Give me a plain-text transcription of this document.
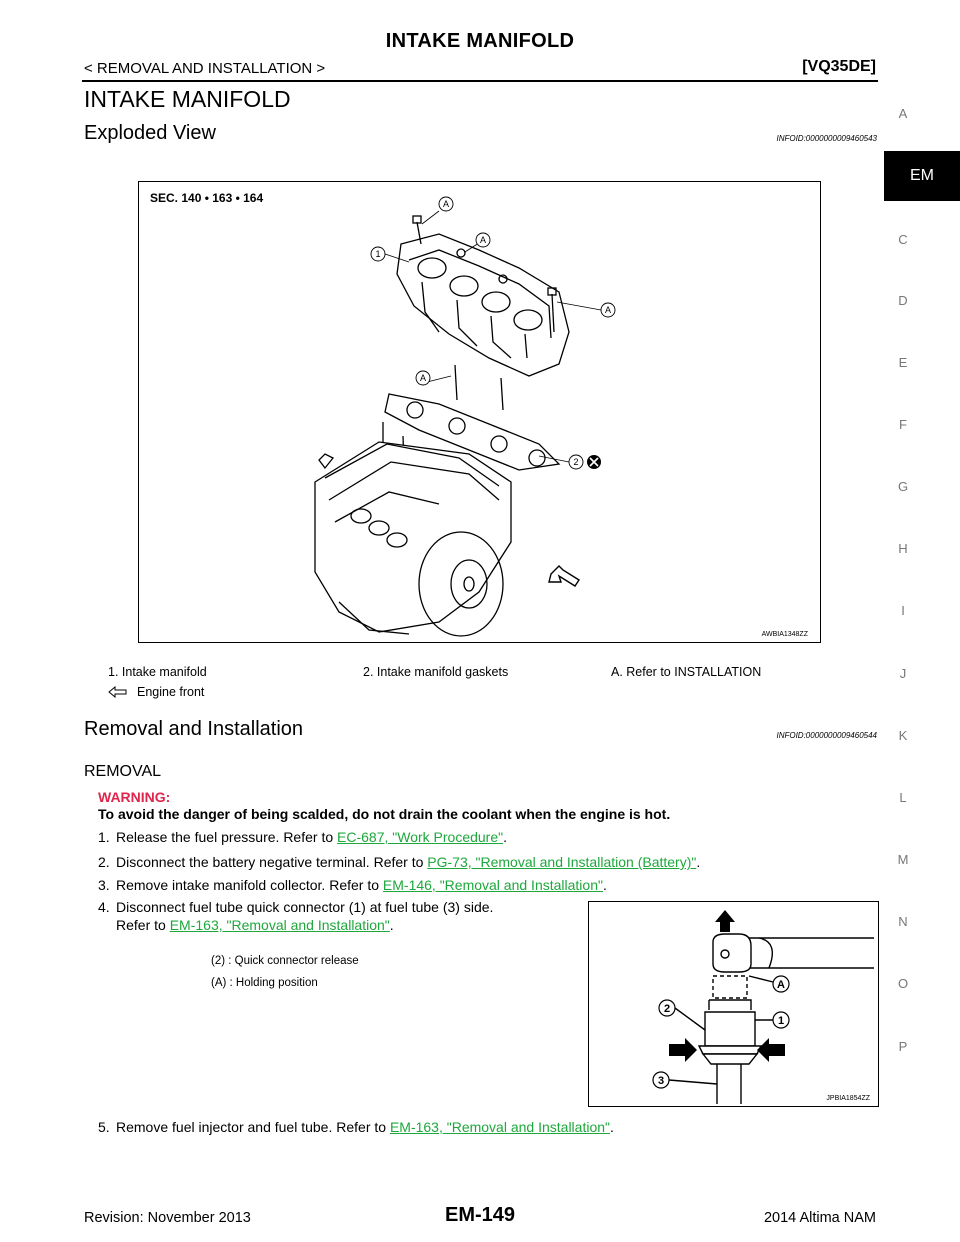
INTAKE MANIFOLD
< REMOVAL AND INSTALLATION >	[VQ35DE]
INTAKE MANIFOLD
Exploded View	INFOID:0000000009460543
SEC. 140 • 163 • 164	A
A
A
A
1
2
AWBIA1348ZZ
1. Intake manifold	2. Intake manifold gaskets	A. Refer to INSTALLATION
Engine front
Removal and Installation	INFOID:0000000009460544
REMOVAL
WARNING:
To avoid the danger of being scalded, do not drain the coolant when the engine is hot.
1. Release the fuel pressure. Refer to EC-687, "Work Procedure".
2. Disconnect the battery negative terminal. Refer to PG-73, "Removal and Installation (Battery)".
3. Remove intake manifold collector. Refer to EM-146, "Removal and Installation".
4. Disconnect fuel tube quick connector (1) at fuel tube (3) side.
Refer to EM-163, "Removal and Installation".
(2) : Quick connector release
(A) : Holding position	A
1
2
3
JPBIA1854ZZ
5. Remove fuel injector and fuel tube. Refer to EM-163, "Removal and Installation".
A
EM
C
D
E
F
G
H
I
J
K
L
M
N
O
P
Revision: November 2013	EM-149	2014 Altima NAM
